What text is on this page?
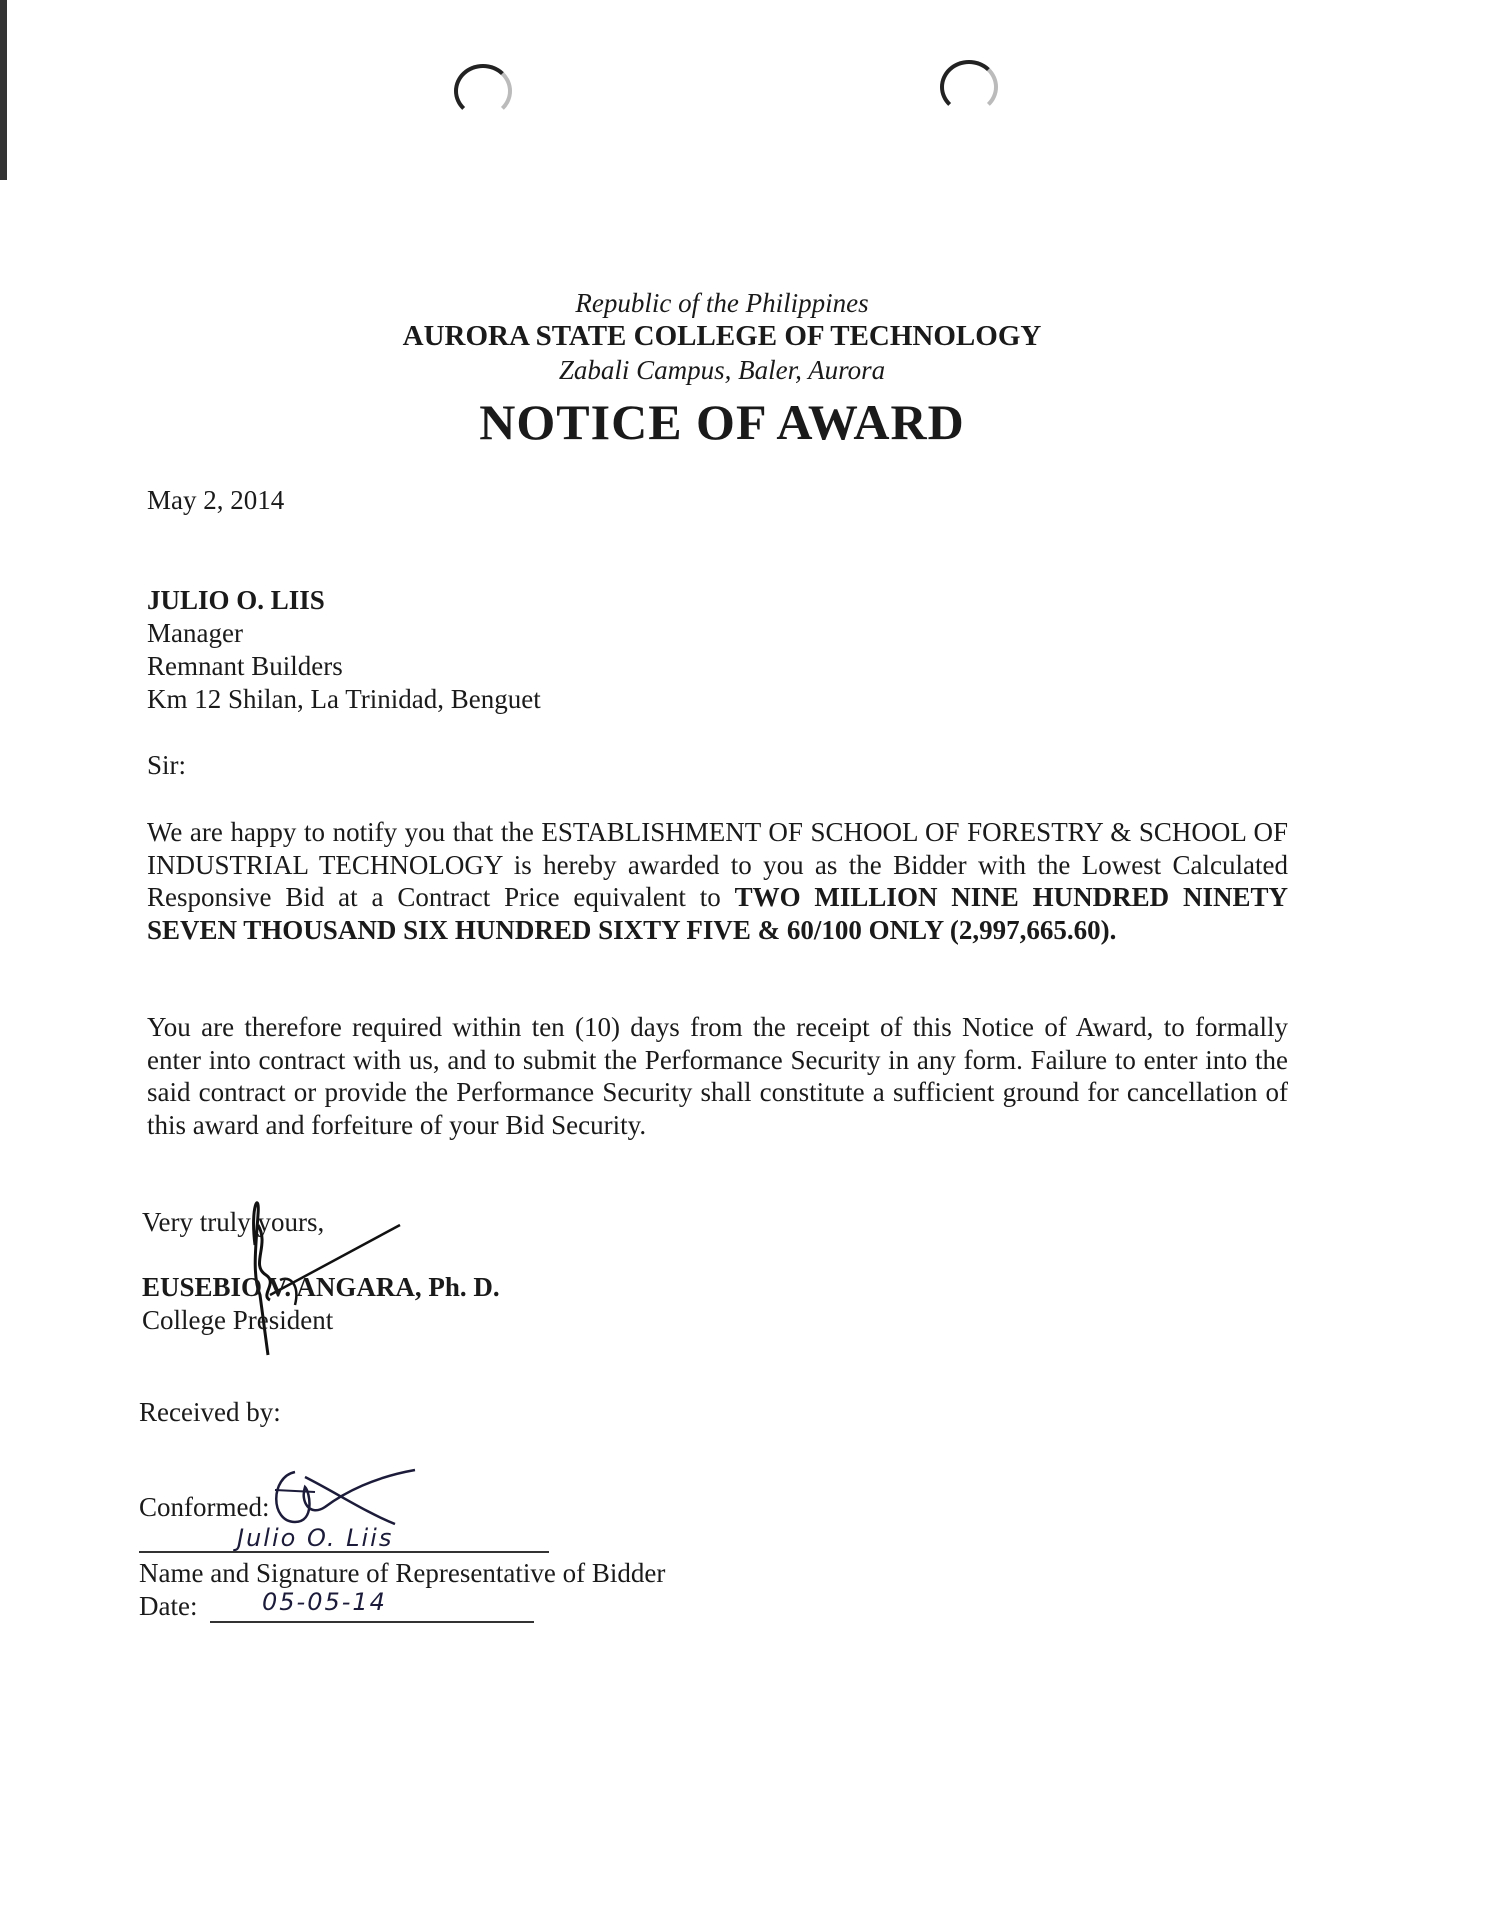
Republic of the Philippines
AURORA STATE COLLEGE OF TECHNOLOGY
Zabali Campus, Baler, Aurora
NOTICE OF AWARD
May 2, 2014
JULIO O. LIIS
Manager
Remnant Builders
Km 12 Shilan, La Trinidad, Benguet
Sir:
We are happy to notify you that the ESTABLISHMENT OF SCHOOL OF FORESTRY & SCHOOL OF INDUSTRIAL TECHNOLOGY is hereby awarded to you as the Bidder with the Lowest Calculated Responsive Bid at a Contract Price equivalent to TWO MILLION NINE HUNDRED NINETY SEVEN THOUSAND SIX HUNDRED SIXTY FIVE & 60/100 ONLY (2,997,665.60).
You are therefore required within ten (10) days from the receipt of this Notice of Award, to formally enter into contract with us, and to submit the Performance Security in any form. Failure to enter into the said contract or provide the Performance Security shall constitute a sufficient ground for cancellation of this award and forfeiture of your Bid Security.
Very truly yours,
EUSEBIO V. ANGARA, Ph. D.
College President
Received by:
Conformed:
Julio O. Liis
Name and Signature of Representative of Bidder
Date:	05-05-14
